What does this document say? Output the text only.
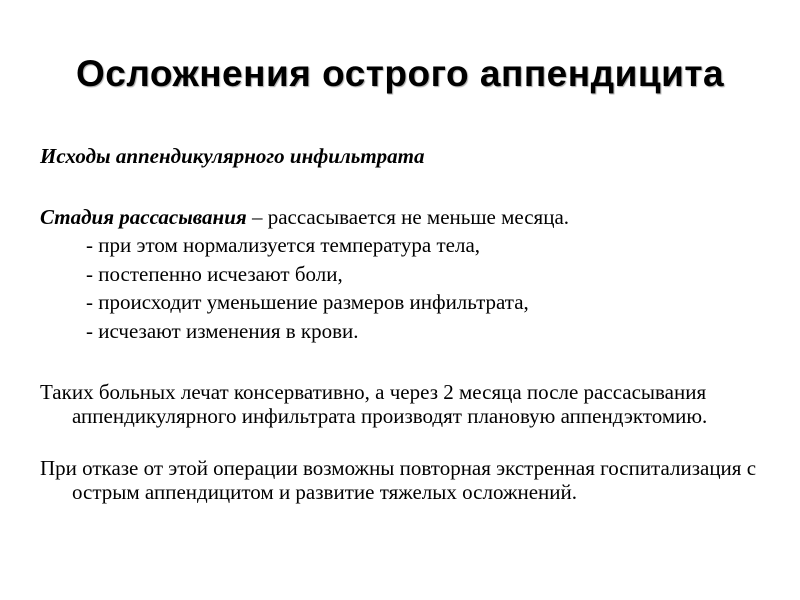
Осложнения острого аппендицита

Исходы аппендикулярного инфильтрата

Стадия рассасывания – рассасывается не меньше месяца.

- при этом нормализуется температура тела,
- постепенно исчезают боли,
- происходит уменьшение размеров инфильтрата,
- исчезают изменения в крови.

Таких больных лечат консервативно, а через 2 месяца после рассасывания аппендикулярного инфильтрата производят плановую аппендэктомию.

При отказе от этой операции возможны повторная экстренная госпитализация с острым аппендицитом и развитие тяжелых осложнений.
